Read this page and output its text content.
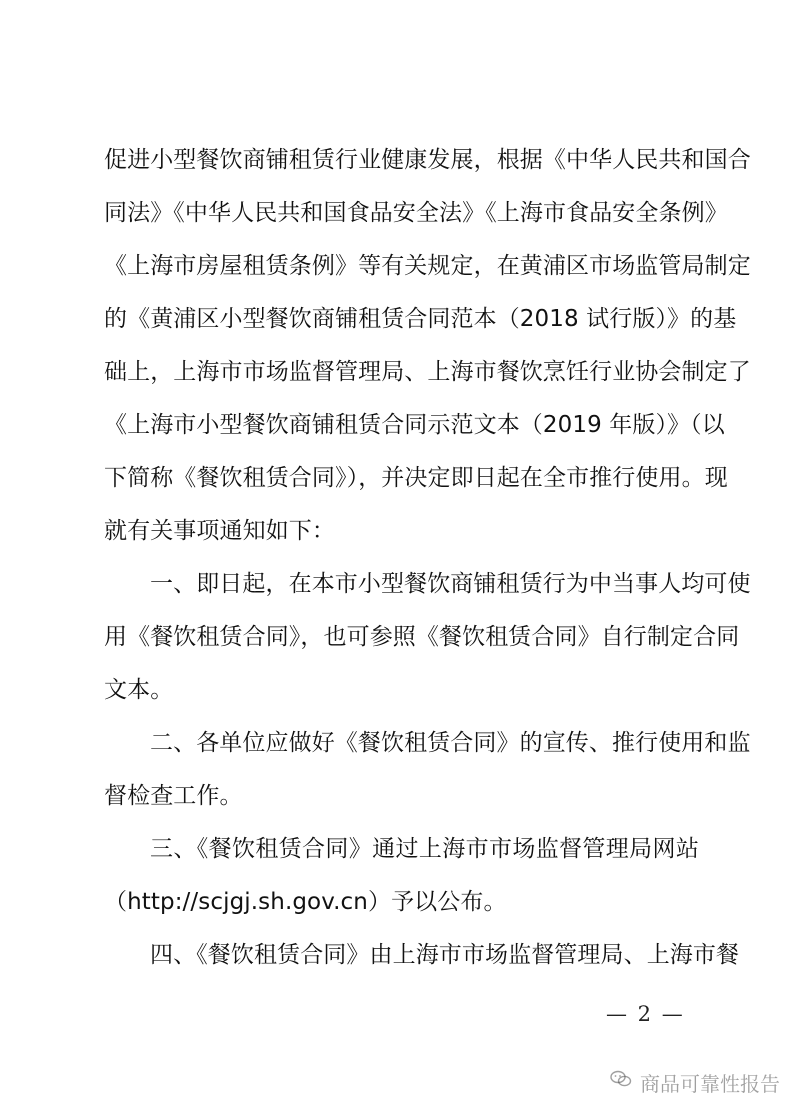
促进小型餐饮商铺租赁行业健康发展，根据《中华人民共和国合
同法》《中华人民共和国食品安全法》《上海市食品安全条例》
《上海市房屋租赁条例》等有关规定，在黄浦区市场监管局制定
的《黄浦区小型餐饮商铺租赁合同范本（2018 试行版）》的基
础上，上海市市场监督管理局、上海市餐饮烹饪行业协会制定了
《上海市小型餐饮商铺租赁合同示范文本（2019 年版）》（以
下简称《餐饮租赁合同》），并决定即日起在全市推行使用。现
就有关事项通知如下：
一、即日起，在本市小型餐饮商铺租赁行为中当事人均可使
用《餐饮租赁合同》，也可参照《餐饮租赁合同》自行制定合同
文本。
二、各单位应做好《餐饮租赁合同》的宣传、推行使用和监
督检查工作。
三、《餐饮租赁合同》通过上海市市场监督管理局网站
（http://scjgj.sh.gov.cn）予以公布。
四、《餐饮租赁合同》由上海市市场监督管理局、上海市餐
— 2 —
商品可靠性报告
